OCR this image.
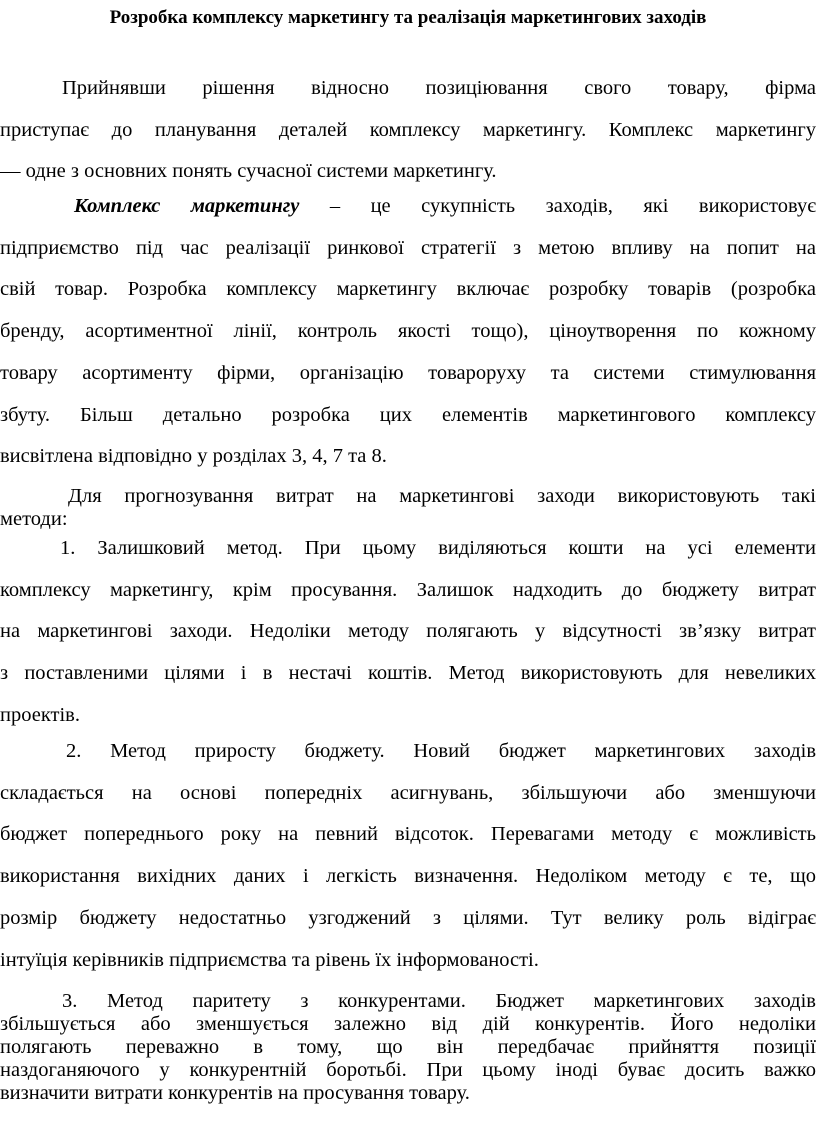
Розробка комплексу маркетингу та реалізація маркетингових заходів
Прийнявши рішення відносно позиціювання свого товару, фірма
приступає до планування деталей комплексу маркетингу. Комплекс маркетингу
— одне з основних понять сучасної системи маркетингу.
Комплекс маркетингу – це сукупність заходів, які використовує
підприємство під час реалізації ринкової стратегії з метою впливу на попит на
свій товар. Розробка комплексу маркетингу включає розробку товарів (розробка
бренду, асортиментної лінії, контроль якості тощо), ціноутворення по кожному
товару асортименту фірми, організацію товароруху та системи стимулювання
збуту. Більш детально розробка цих елементів маркетингового комплексу
висвітлена відповідно у розділах 3, 4, 7 та 8.
Для прогнозування витрат на маркетингові заходи використовують такі
методи:
1. Залишковий метод. При цьому виділяються кошти на усі елементи
комплексу маркетингу, крім просування. Залишок надходить до бюджету витрат
на маркетингові заходи. Недоліки методу полягають у відсутності зв’язку витрат
з поставленими цілями і в нестачі коштів. Метод використовують для невеликих
проектів.
2. Метод приросту бюджету. Новий бюджет маркетингових заходів
складається на основі попередніх асигнувань, збільшуючи або зменшуючи
бюджет попереднього року на певний відсоток. Перевагами методу є можливість
використання вихідних даних і легкість визначення. Недоліком методу є те, що
розмір бюджету недостатньо узгоджений з цілями. Тут велику роль відіграє
інтуїція керівників підприємства та рівень їх інформованості.
3. Метод паритету з конкурентами. Бюджет маркетингових заходів
збільшується або зменшується залежно від дій конкурентів. Його недоліки
полягають переважно в тому, що він передбачає прийняття позиції
наздоганяючого у конкурентній боротьбі. При цьому іноді буває досить важко
визначити витрати конкурентів на просування товару.
